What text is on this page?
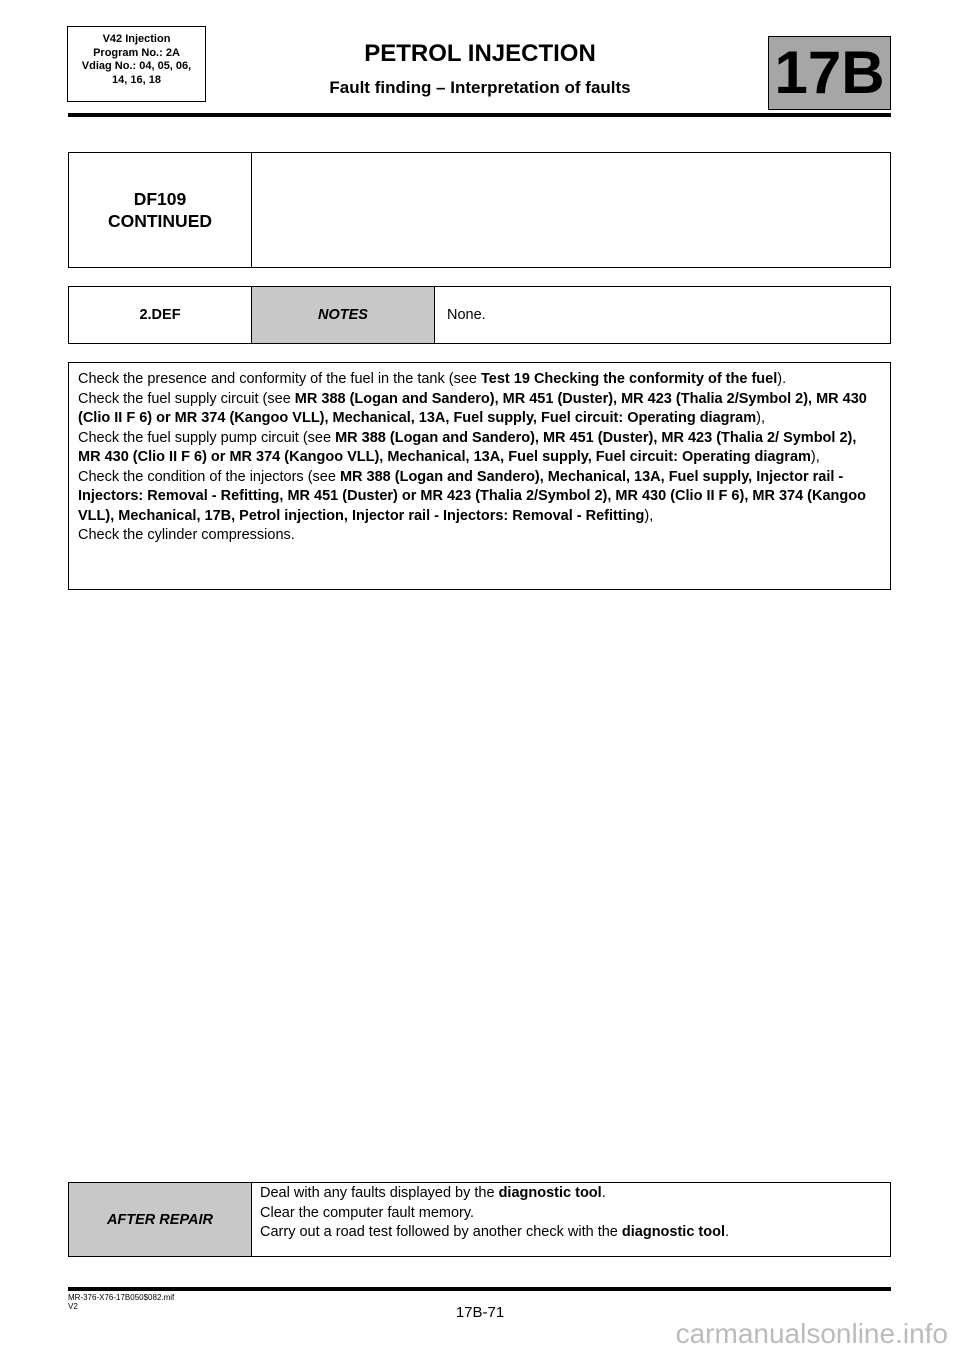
V42 Injection
Program No.: 2A
Vdiag No.: 04, 05, 06,
14, 16, 18
PETROL INJECTION
Fault finding – Interpretation of faults	17B
DF109
CONTINUED

2.DEF	NOTES	None.

Check the presence and conformity of the fuel in the tank (see Test 19 Checking the conformity of the fuel).

Check the fuel supply circuit (see MR 388 (Logan and Sandero), MR 451 (Duster), MR 423 (Thalia 2/Symbol 2), MR 430 (Clio II F 6) or MR 374 (Kangoo VLL), Mechanical, 13A, Fuel supply, Fuel circuit: Operating diagram),

Check the fuel supply pump circuit (see MR 388 (Logan and Sandero), MR 451 (Duster), MR 423 (Thalia 2/ Symbol 2), MR 430 (Clio II F 6) or MR 374 (Kangoo VLL), Mechanical, 13A, Fuel supply, Fuel circuit: Operating diagram),

Check the condition of the injectors (see MR 388 (Logan and Sandero), Mechanical, 13A, Fuel supply, Injector rail - Injectors: Removal - Refitting, MR 451 (Duster) or MR 423 (Thalia 2/Symbol 2), MR 430 (Clio II F 6), MR 374 (Kangoo VLL), Mechanical, 17B, Petrol injection, Injector rail - Injectors: Removal - Refitting),

Check the cylinder compressions.

AFTER REPAIR	

Deal with any faults displayed by the diagnostic tool.

Clear the computer fault memory.

Carry out a road test followed by another check with the diagnostic tool.

MR-376-X76-17B050$082.mif
V2	17B-71
carmanualsonline.info
